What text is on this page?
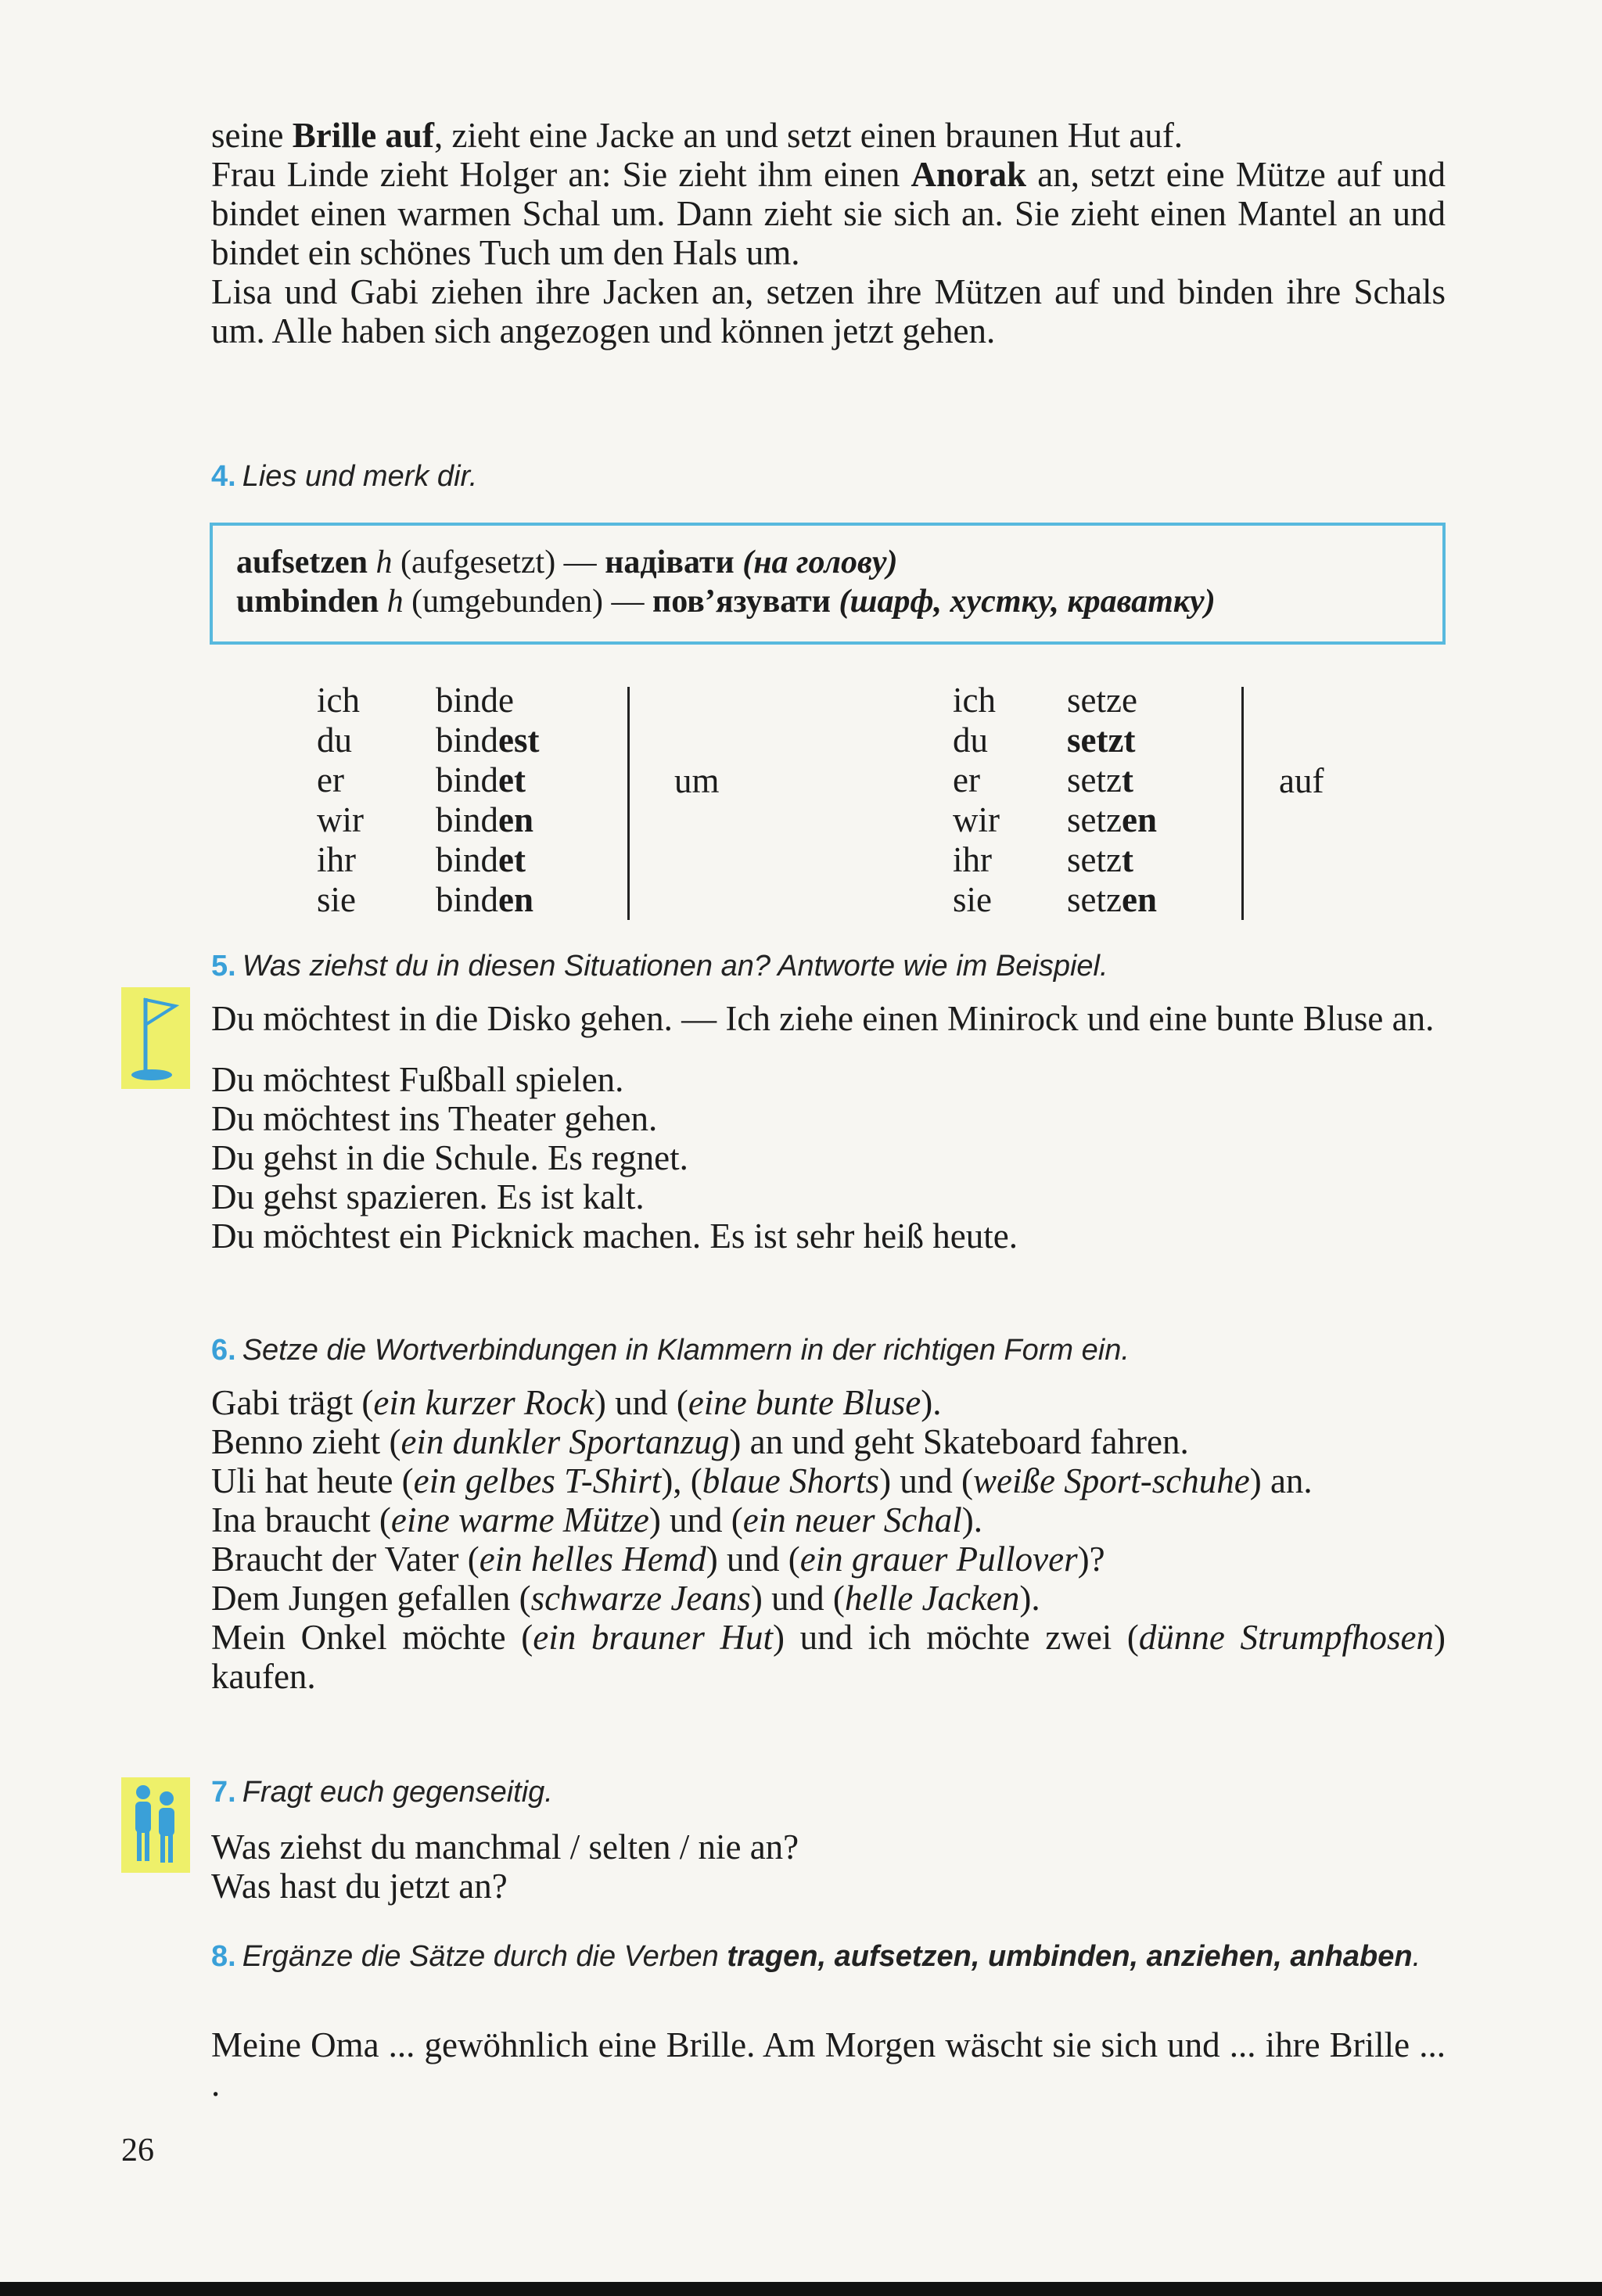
seine Brille auf, zieht eine Jacke an und setzt einen braunen Hut auf.

Frau Linde zieht Holger an: Sie zieht ihm einen Anorak an, setzt eine Mütze auf und bindet einen warmen Schal um. Dann zieht sie sich an. Sie zieht einen Mantel an und bindet ein schönes Tuch um den Hals um.

Lisa und Gabi ziehen ihre Jacken an, setzen ihre Mützen auf und binden ihre Schals um. Alle haben sich angezogen und können jetzt gehen.

4. Lies und merk dir.

aufsetzen h (aufgesetzt) — надівати (на голову)
umbinden h (umgebunden) — пов’язувати (шарф, хустку, краватку)
ich	bind e
du	bind est
er	bind et
wir	bind en
ihr	bind et
sie	bind en
um
ich	setz e
du	setz t
er	setz t
wir	setz en
ihr	setz t
sie	setz en
auf

5. Was ziehst du in diesen Situationen an? Antworte wie im Beispiel.

Du möchtest in die Disko gehen. — Ich ziehe einen Minirock und eine bunte Bluse an.

Du möchtest Fußball spielen.

Du möchtest ins Theater gehen.

Du gehst in die Schule. Es regnet.

Du gehst spazieren. Es ist kalt.

Du möchtest ein Picknick machen. Es ist sehr heiß heute.

6. Setze die Wortverbindungen in Klammern in der richtigen Form ein.

Gabi trägt (ein kurzer Rock) und (eine bunte Bluse).

Benno zieht (ein dunkler Sportanzug) an und geht Skateboard fahren.

Uli hat heute (ein gelbes T-Shirt), (blaue Shorts) und (weiße Sport-schuhe) an.

Ina braucht (eine warme Mütze) und (ein neuer Schal).

Braucht der Vater (ein helles Hemd) und (ein grauer Pullover)?

Dem Jungen gefallen (schwarze Jeans) und (helle Jacken).

Mein Onkel möchte (ein brauner Hut) und ich möchte zwei (dünne Strumpfhosen) kaufen.

7. Fragt euch gegenseitig.

Was ziehst du manchmal / selten / nie an?

Was hast du jetzt an?

8. Ergänze die Sätze durch die Verben tragen, aufsetzen, umbinden, anziehen, anhaben.

Meine Oma ... gewöhnlich eine Brille. Am Morgen wäscht sie sich und ... ihre Brille ... .

26
